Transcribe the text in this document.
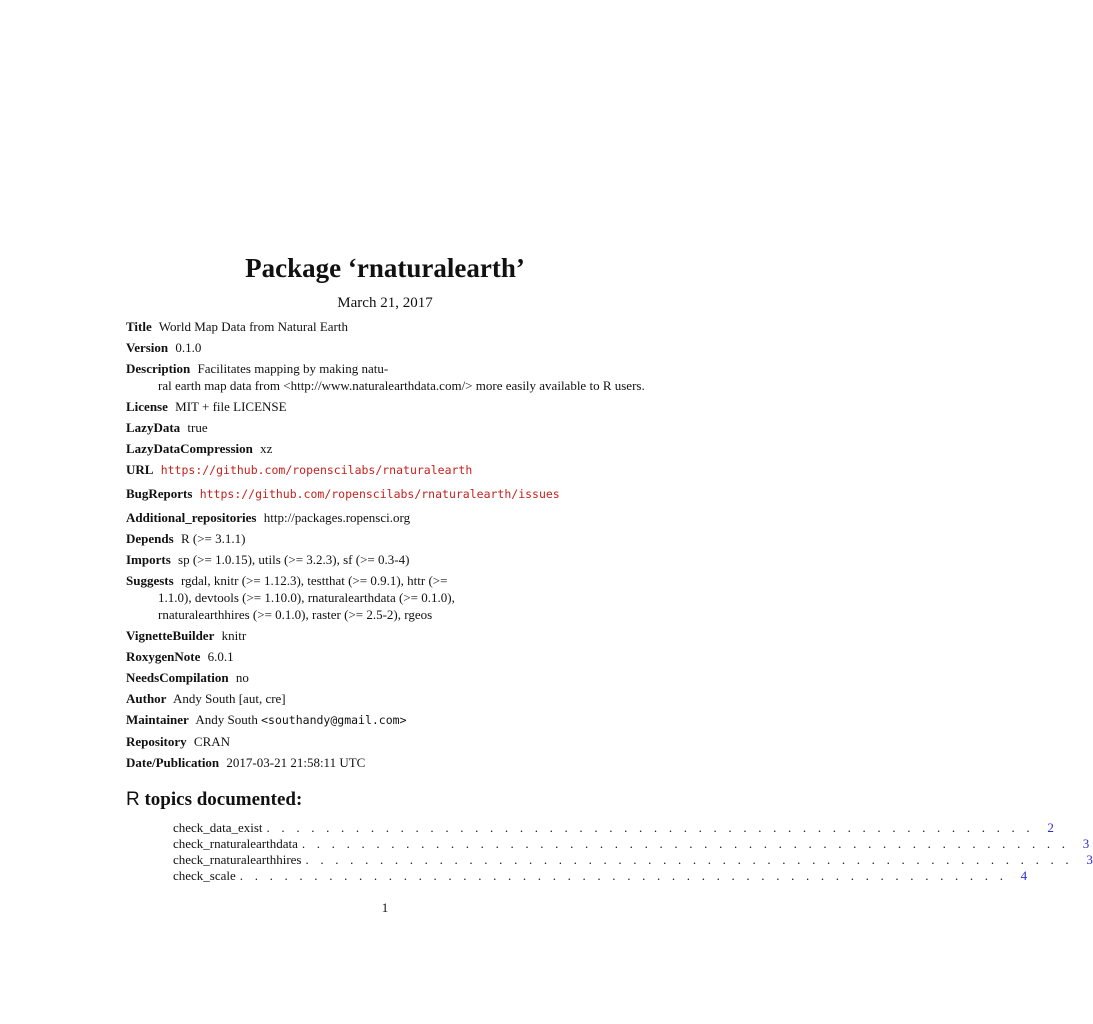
Package ‘rnaturalearth’
March 21, 2017
Title World Map Data from Natural Earth
Version 0.1.0
Description Facilitates mapping by making natu-
ral earth map data from <http://www.naturalearthdata.com/> more easily available to R users.
License MIT + file LICENSE
LazyData true
LazyDataCompression xz
URL https://github.com/ropenscilabs/rnaturalearth
BugReports https://github.com/ropenscilabs/rnaturalearth/issues
Additional_repositories http://packages.ropensci.org
Depends R (>= 3.1.1)
Imports sp (>= 1.0.15), utils (>= 3.2.3), sf (>= 0.3-4)
Suggests rgdal, knitr (>= 1.12.3), testthat (>= 0.9.1), httr (>=
1.1.0), devtools (>= 1.10.0), rnaturalearthdata (>= 0.1.0),
rnaturalearthhires (>= 0.1.0), raster (>= 2.5-2), rgeos
VignetteBuilder knitr
RoxygenNote 6.0.1
NeedsCompilation no
Author Andy South [aut, cre]
Maintainer Andy South <southandy@gmail.com>
Repository CRAN
Date/Publication 2017-03-21 21:58:11 UTC
R topics documented:
check_data_exist . . . . . . . . . . . . . . . . . . . . . . . . . . . . . . . . . . . . . . . . . . . . . . . . . . . .	2
check_rnaturalearthdata . . . . . . . . . . . . . . . . . . . . . . . . . . . . . . . . . . . . . . . . . . . . . . . . . . . .	3
check_rnaturalearthhires . . . . . . . . . . . . . . . . . . . . . . . . . . . . . . . . . . . . . . . . . . . . . . . . . . . .	3
check_scale . . . . . . . . . . . . . . . . . . . . . . . . . . . . . . . . . . . . . . . . . . . . . . . . . . . .	4
1
